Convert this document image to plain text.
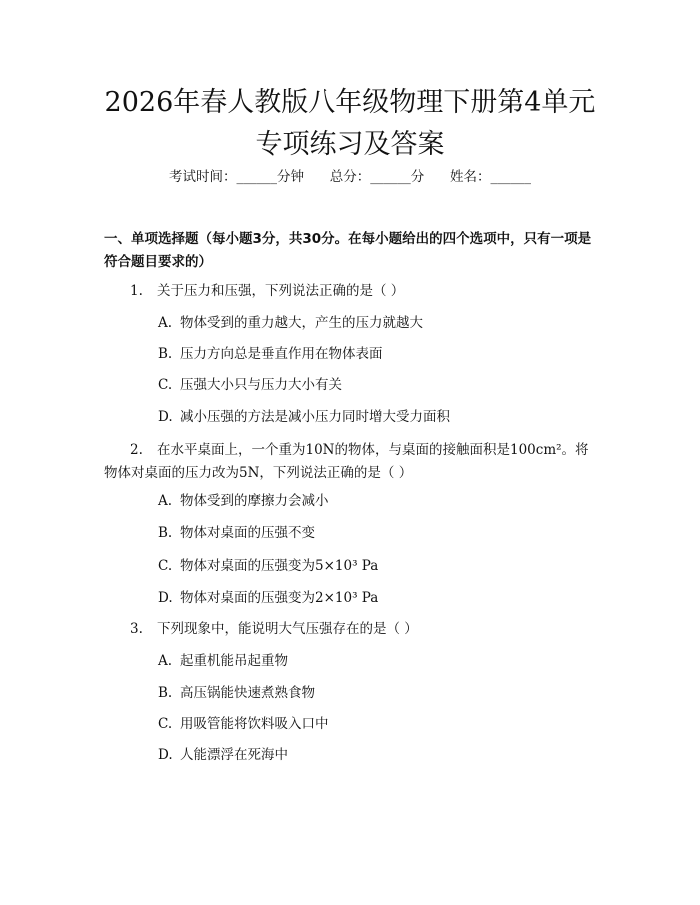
2026年春人教版八年级物理下册第4单元专项练习及答案
考试时间：______分钟      总分：______分      姓名：______
一、单项选择题（每小题3分，共30分。在每小题给出的四个选项中，只有一项是符合题目要求的）
1. 关于压力和压强，下列说法正确的是（ ）
A. 物体受到的重力越大，产生的压力就越大
B. 压力方向总是垂直作用在物体表面
C. 压强大小只与压力大小有关
D. 减小压强的方法是减小压力同时增大受力面积
2. 在水平桌面上，一个重为10N的物体，与桌面的接触面积是100cm²。将物体对桌面的压力改为5N，下列说法正确的是（ ）
A. 物体受到的摩擦力会减小
B. 物体对桌面的压强不变
C. 物体对桌面的压强变为5×10³ Pa
D. 物体对桌面的压强变为2×10³ Pa
3. 下列现象中，能说明大气压强存在的是（ ）
A. 起重机能吊起重物
B. 高压锅能快速煮熟食物
C. 用吸管能将饮料吸入口中
D. 人能漂浮在死海中
